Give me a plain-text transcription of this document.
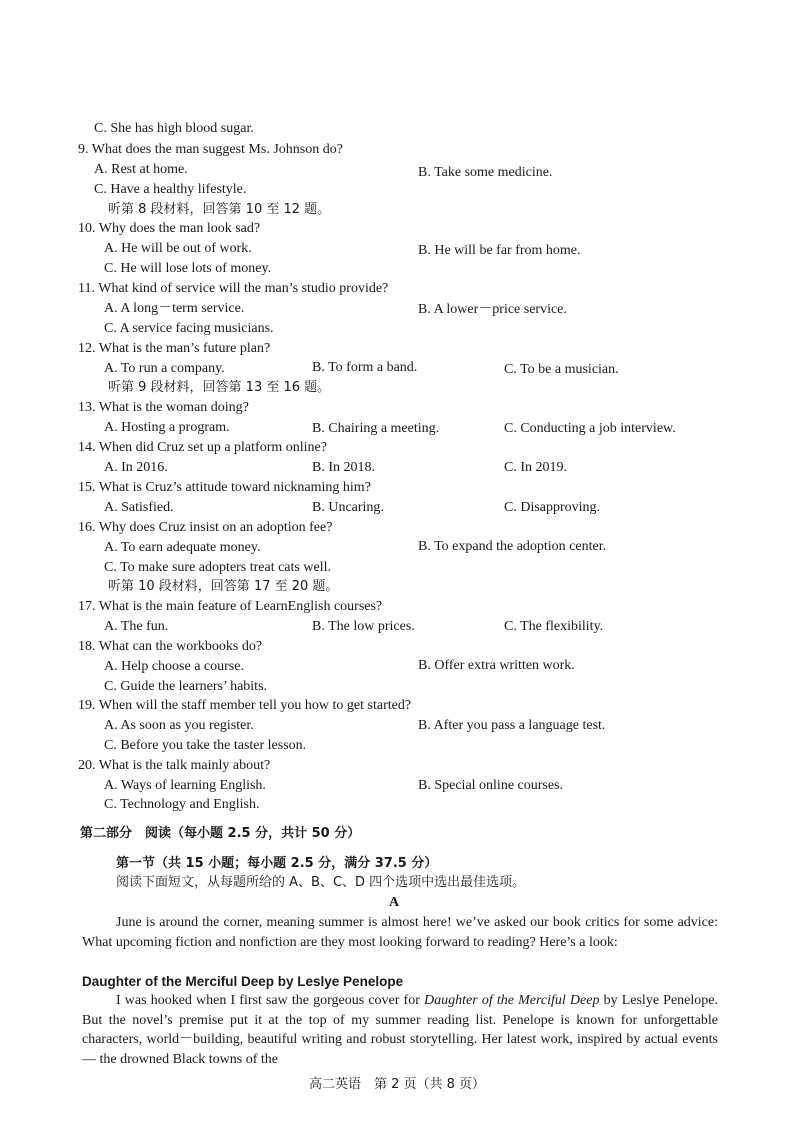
C. She has high blood sugar.
9. What does the man suggest Ms. Johnson do?
A. Rest at home.	B. Take some medicine.
C. Have a healthy lifestyle.
听第 8 段材料，回答第 10 至 12 题。
10. Why does the man look sad?
A. He will be out of work.	B. He will be far from home.
C. He will lose lots of money.
11. What kind of service will the man’s studio provide?
A. A long－term service.	B. A lower－price service.
C. A service facing musicians.
12. What is the man’s future plan?
A. To run a company.	B. To form a band.	C. To be a musician.
听第 9 段材料，回答第 13 至 16 题。
13. What is the woman doing?
A. Hosting a program.	B. Chairing a meeting.	C. Conducting a job interview.
14. When did Cruz set up a platform online?
A. In 2016.	B. In 2018.	C. In 2019.
15. What is Cruz’s attitude toward nicknaming him?
A. Satisfied.	B. Uncaring.	C. Disapproving.
16. Why does Cruz insist on an adoption fee?
A. To earn adequate money.	B. To expand the adoption center.
C. To make sure adopters treat cats well.
听第 10 段材料，回答第 17 至 20 题。
17. What is the main feature of LearnEnglish courses?
A. The fun.	B. The low prices.	C. The flexibility.
18. What can the workbooks do?
A. Help choose a course.	B. Offer extra written work.
C. Guide the learners’ habits.
19. When will the staff member tell you how to get started?
A. As soon as you register.	B. After you pass a language test.
C. Before you take the taster lesson.
20. What is the talk mainly about?
A. Ways of learning English.	B. Special online courses.
C. Technology and English.
第二部分　阅读（每小题 2.5 分，共计 50 分）
第一节（共 15 小题；每小题 2.5 分，满分 37.5 分）
阅读下面短文，从每题所给的 A、B、C、D 四个选项中选出最佳选项。
A
June is around the corner, meaning summer is almost here! we’ve asked our book critics for some advice: What upcoming fiction and nonfiction are they most looking forward to reading? Here’s a look:
Daughter of the Merciful Deep by Leslye Penelope
I was hooked when I first saw the gorgeous cover for Daughter of the Merciful Deep by Leslye Penelope. But the novel’s premise put it at the top of my summer reading list. Penelope is known for unforgettable characters, world－building, beautiful writing and robust storytelling. Her latest work, inspired by actual events — the drowned Black towns of the
高二英语　第 2 页（共 8 页）
